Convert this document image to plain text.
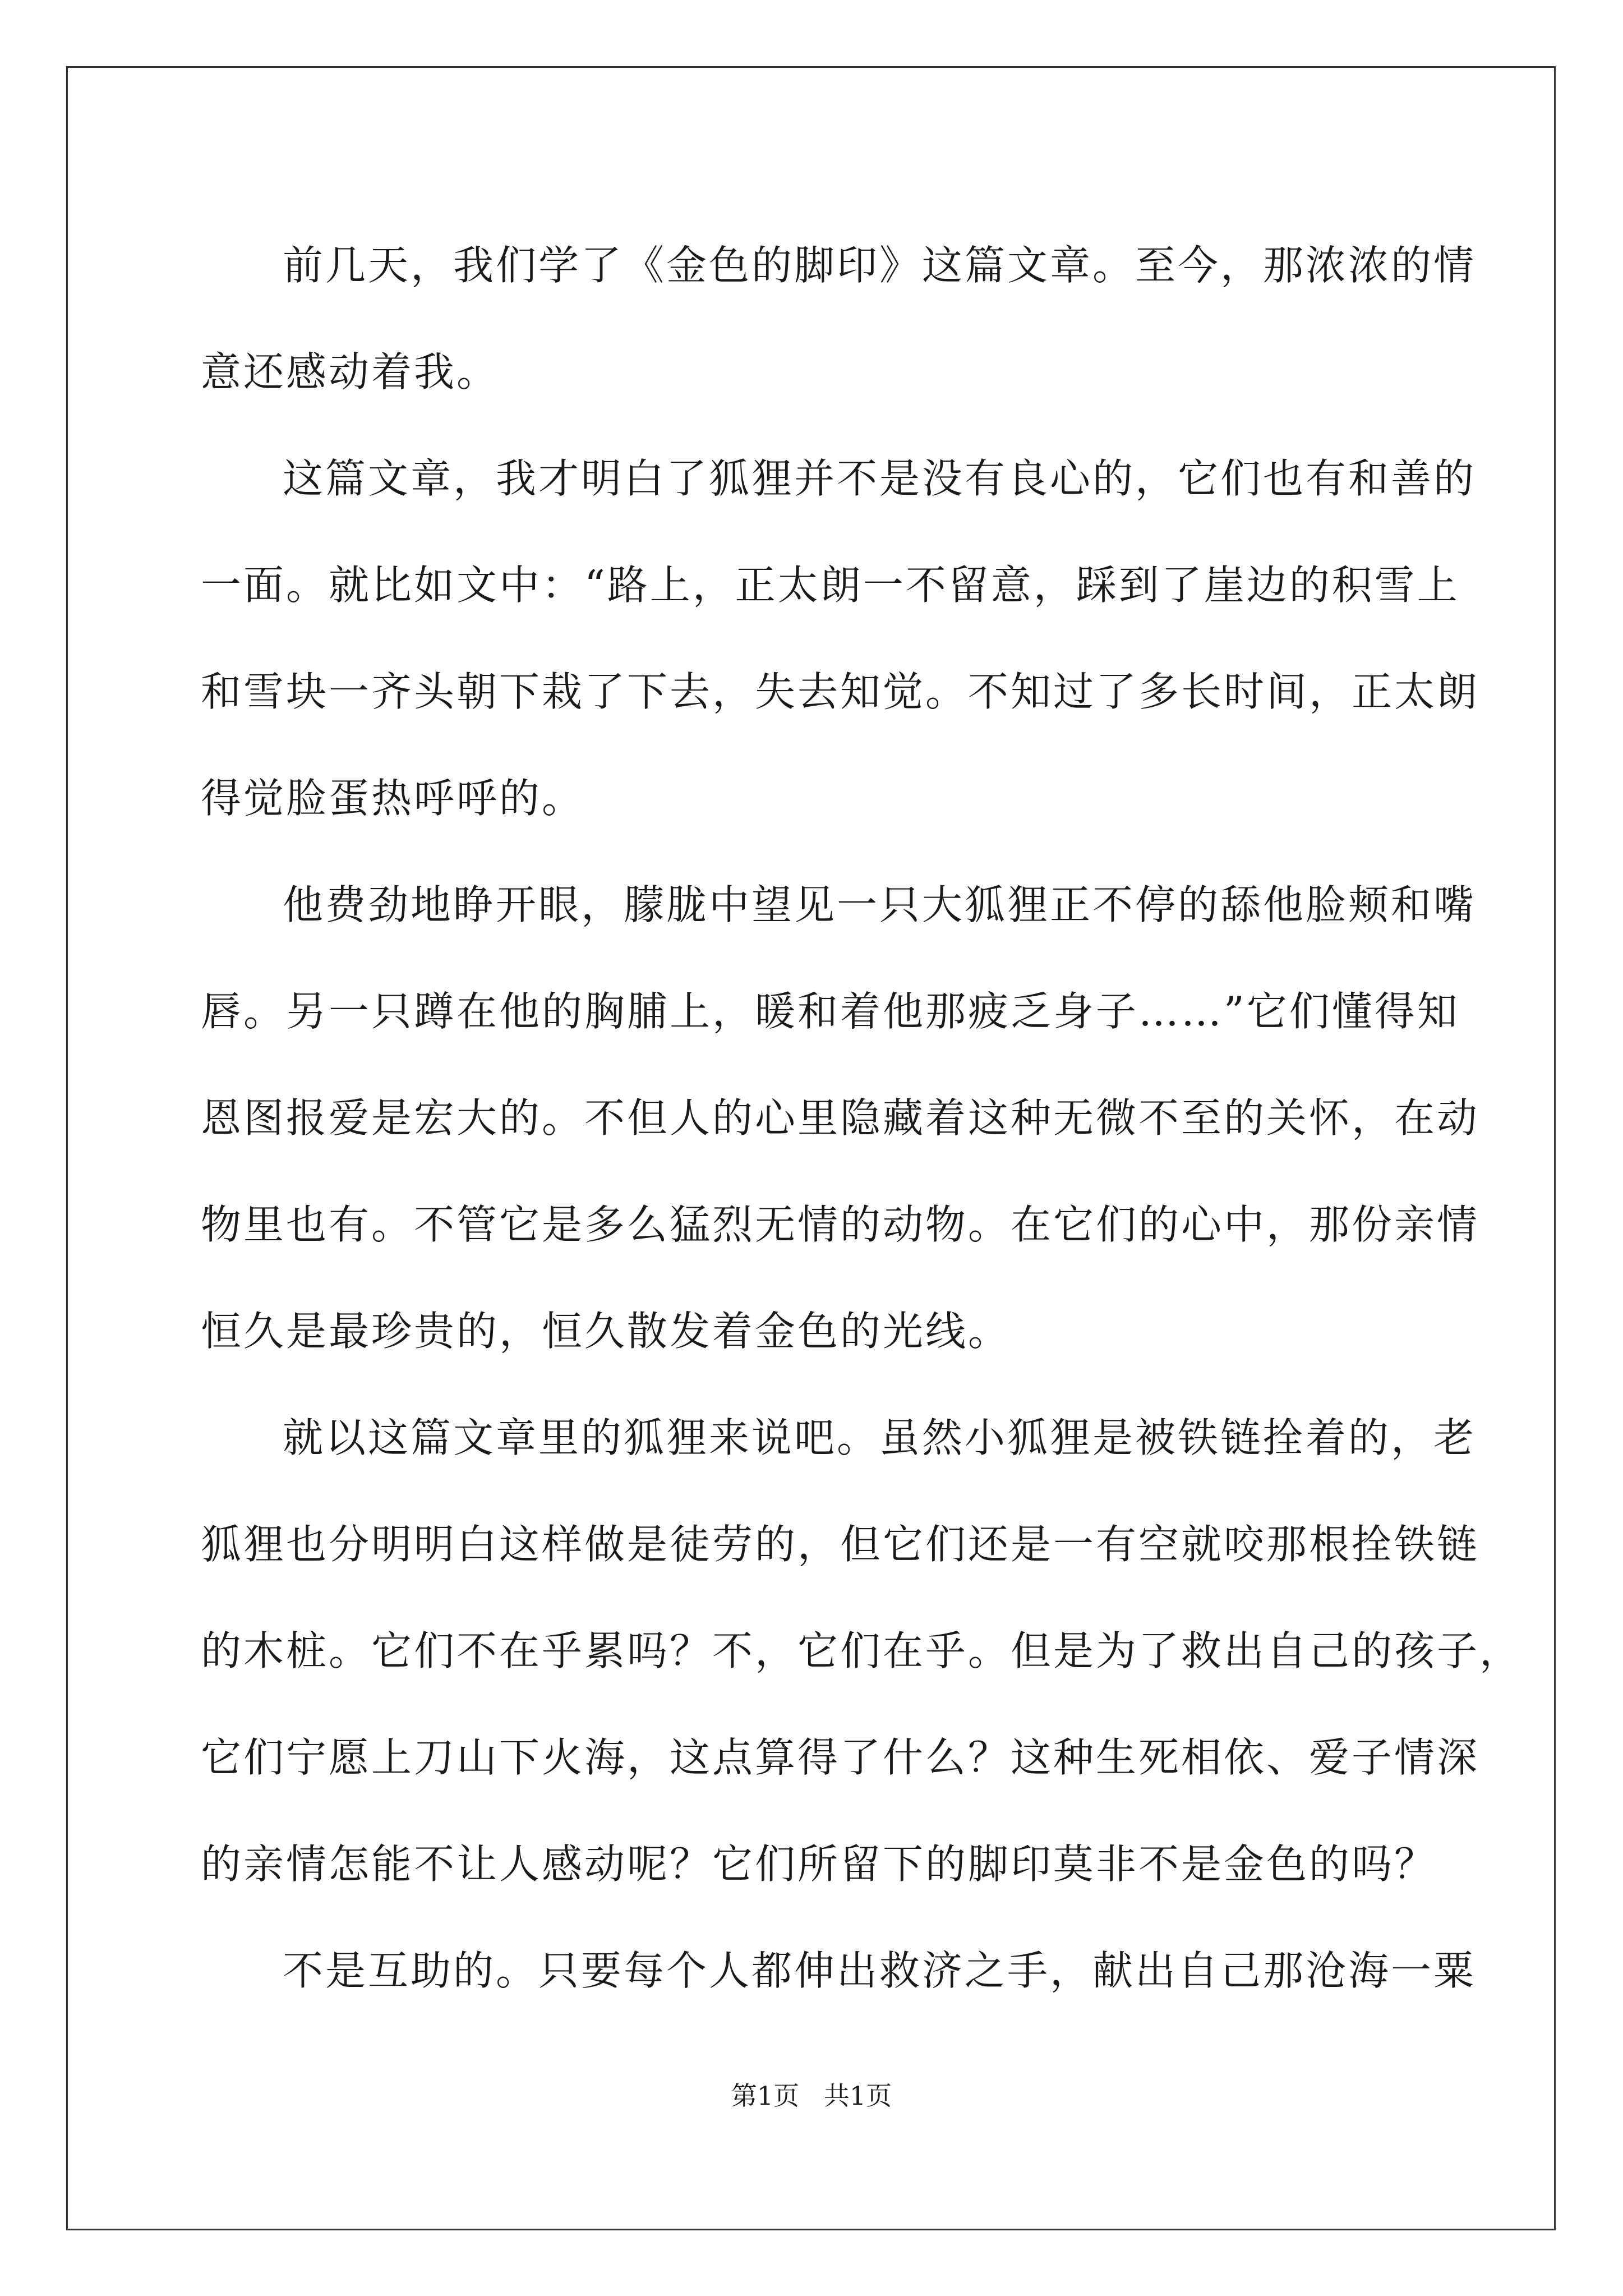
前几天，我们学了《金色的脚印》这篇文章。至今，那浓浓的情
意还感动着我。
这篇文章，我才明白了狐狸并不是没有良心的，它们也有和善的
一面。就比如文中：“路上，正太朗一不留意，踩到了崖边的积雪上
和雪块一齐头朝下栽了下去，失去知觉。不知过了多长时间，正太朗
得觉脸蛋热呼呼的。
他费劲地睁开眼，朦胧中望见一只大狐狸正不停的舔他脸颊和嘴
唇。另一只蹲在他的胸脯上，暖和着他那疲乏身子……”它们懂得知
恩图报爱是宏大的。不但人的心里隐藏着这种无微不至的关怀，在动
物里也有。不管它是多么猛烈无情的动物。在它们的心中，那份亲情
恒久是最珍贵的，恒久散发着金色的光线。
就以这篇文章里的狐狸来说吧。虽然小狐狸是被铁链拴着的，老
狐狸也分明明白这样做是徒劳的，但它们还是一有空就咬那根拴铁链
的木桩。它们不在乎累吗？不，它们在乎。但是为了救出自己的孩子，
它们宁愿上刀山下火海，这点算得了什么？这种生死相依、爱子情深
的亲情怎能不让人感动呢？它们所留下的脚印莫非不是金色的吗？
不是互助的。只要每个人都伸出救济之手，献出自己那沧海一粟
第1页   共1页
